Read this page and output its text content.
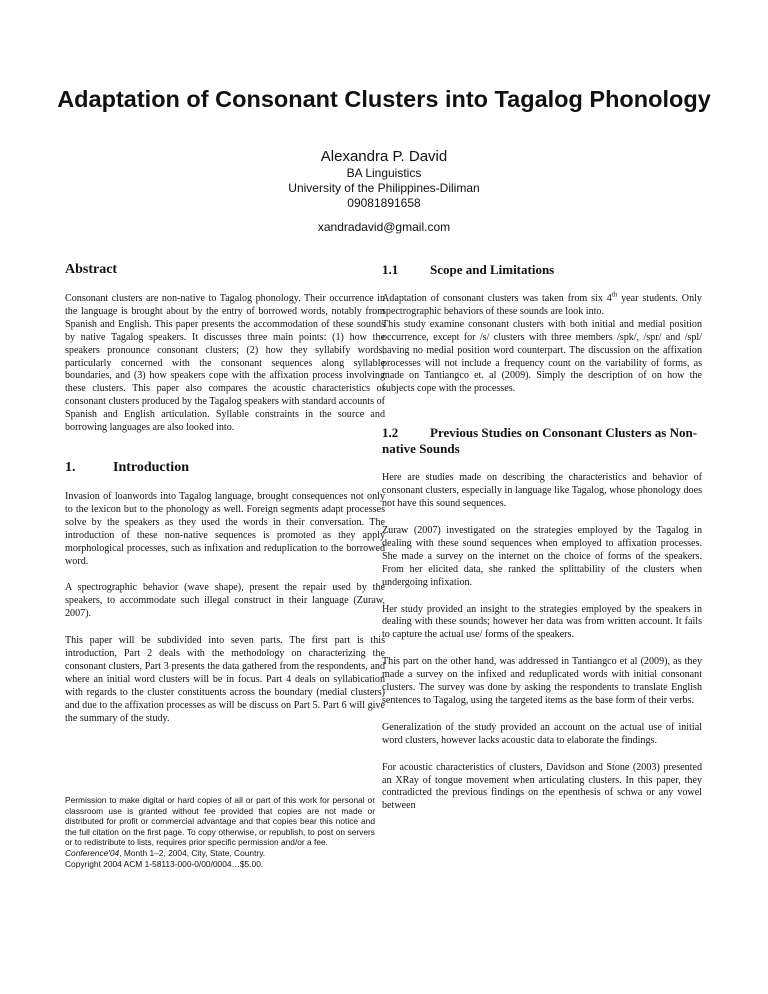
Adaptation of Consonant Clusters into Tagalog Phonology
Alexandra P. David
BA Linguistics
University of the Philippines-Diliman
09081891658
xandradavid@gmail.com
Abstract

Consonant clusters are non-native to Tagalog phonology. Their occurrence in the language is brought about by the entry of borrowed words, notably from Spanish and English. This paper presents the accommodation of these sounds by native Tagalog speakers. It discusses three main points: (1) how the speakers pronounce consonant clusters; (2) how they syllabify words, particularly concerned with the consonant sequences along syllable boundaries, and (3) how speakers cope with the affixation process involving these clusters. This paper also compares the acoustic characteristics of consonant clusters produced by the Tagalog speakers with standard accounts of Spanish and English articulation. Syllable constraints in the source and borrowing languages are also looked into.

1.	Introduction

Invasion of loanwords into Tagalog language, brought consequences not only to the lexicon but to the phonology as well. Foreign segments adapt processes solve by the speakers as they used the words in their conversation. The introduction of these non-native sequences is promoted as they apply morphological processes, such as infixation and reduplication to the borrowed word.

A spectrographic behavior (wave shape), present the repair used by the speakers, to accommodate such illegal construct in their language (Zuraw, 2007).

This paper will be subdivided into seven parts. The first part is this introduction, Part 2 deals with the methodology on characterizing the consonant clusters, Part 3 presents the data gathered from the respondents, and where an initial word clusters will be in focus. Part 4 deals on syllabication with regards to the cluster constituents across the boundary (medial clusters) and due to the affixation processes as will be discuss on Part 5. Part 6 will give the summary of the study.

Permission to make digital or hard copies of all or part of this work for personal or classroom use is granted without fee provided that copies are not made or distributed for profit or commercial advantage and that copies bear this notice and the full citation on the first page. To copy otherwise, or republish, to post on servers or to redistribute to lists, requires prior specific permission and/or a fee.
Conference'04, Month 1–2, 2004, City, State, Country.
Copyright 2004 ACM 1-58113-000-0/00/0004…$5.00.
1.1 Scope and Limitations

Adaptation of consonant clusters was taken from six 4th year students. Only spectrographic behaviors of these sounds are look into.

This study examine consonant clusters with both initial and medial position occurrence, except for /s/ clusters with three members /spk/, /spr/ and /spl/ having no medial position word counterpart. The discussion on the affixation processes will not include a frequency count on the variability of forms, as made on Tantiangco et. al (2009). Simply the description of on how the subjects cope with the processes.

1.2 Previous Studies on Consonant Clusters as Non-native Sounds

Here are studies made on describing the characteristics and behavior of consonant clusters, especially in language like Tagalog, whose phonology does not have this sound sequences.

Zuraw (2007) investigated on the strategies employed by the Tagalog in dealing with these sound sequences when employed to affixation processes. She made a survey on the internet on the choice of forms of the speakers. From her elicited data, she ranked the splittability of the clusters when undergoing infixation.

Her study provided an insight to the strategies employed by the speakers in dealing with these sounds; however her data was from written account. It fails to capture the actual use/ forms of the speakers.

This part on the other hand, was addressed in Tantiangco et al (2009), as they made a survey on the infixed and reduplicated words with initial consonant clusters. The survey was done by asking the respondents to translate English sentences to Tagalog, using the targeted items as the base form of their verbs.

Generalization of the study provided an account on the actual use of initial word clusters, however lacks acoustic data to elaborate the findings.

For acoustic characteristics of clusters, Davidson and Stone (2003) presented an XRay of tongue movement when articulating clusters. In this paper, they contradicted the previous findings on the epenthesis of schwa or any vowel between
